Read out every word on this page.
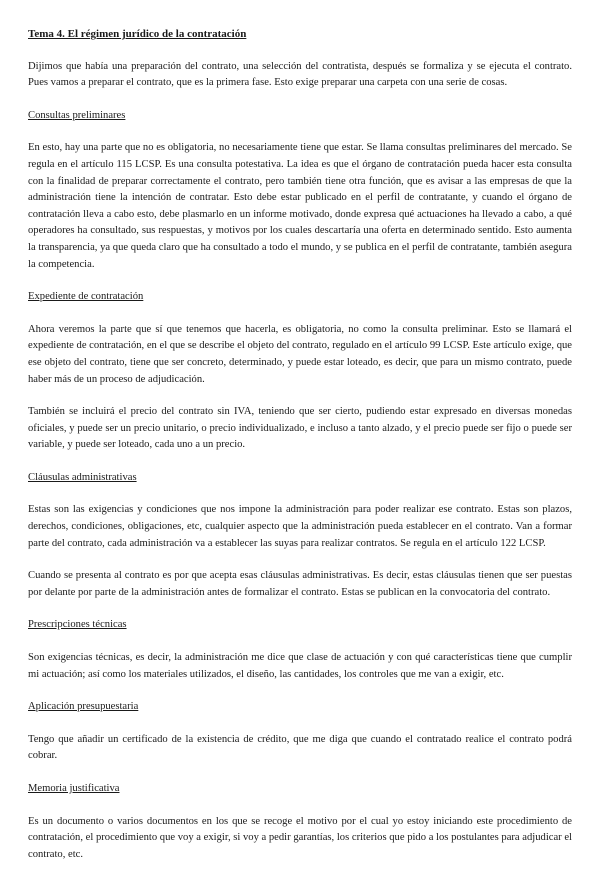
Tema 4. El régimen jurídico de la contratación

Dijimos que había una preparación del contrato, una selección del contratista, después se formaliza y se ejecuta el contrato. Pues vamos a preparar el contrato, que es la primera fase. Esto exige preparar una carpeta con una serie de cosas.

Consultas preliminares

En esto, hay una parte que no es obligatoria, no necesariamente tiene que estar. Se llama consultas preliminares del mercado. Se regula en el artículo 115 LCSP. Es una consulta potestativa. La idea es que el órgano de contratación pueda hacer esta consulta con la finalidad de preparar correctamente el contrato, pero también tiene otra función, que es avisar a las empresas de que la administración tiene la intención de contratar. Esto debe estar publicado en el perfil de contratante, y cuando el órgano de contratación lleva a cabo esto, debe plasmarlo en un informe motivado, donde expresa qué actuaciones ha llevado a cabo, a qué operadores ha consultado, sus respuestas, y motivos por los cuales descartaría una oferta en determinado sentido. Esto aumenta la transparencia, ya que queda claro que ha consultado a todo el mundo, y se publica en el perfil de contratante, también asegura la competencia.

Expediente de contratación

Ahora veremos la parte que sí que tenemos que hacerla, es obligatoria, no como la consulta preliminar. Esto se llamará el expediente de contratación, en el que se describe el objeto del contrato, regulado en el artículo 99 LCSP. Este artículo exige, que ese objeto del contrato, tiene que ser concreto, determinado, y puede estar loteado, es decir, que para un mismo contrato, puede haber más de un proceso de adjudicación.

También se incluirá el precio del contrato sin IVA, teniendo que ser cierto, pudiendo estar expresado en diversas monedas oficiales, y puede ser un precio unitario, o precio individualizado, e incluso a tanto alzado, y el precio puede ser fijo o puede ser variable, y puede ser loteado, cada uno a un precio.

Cláusulas administrativas

Estas son las exigencias y condiciones que nos impone la administración para poder realizar ese contrato. Estas son plazos, derechos, condiciones, obligaciones, etc, cualquier aspecto que la administración pueda establecer en el contrato. Van a formar parte del contrato, cada administración va a establecer las suyas para realizar contratos. Se regula en el artículo 122 LCSP.

Cuando se presenta al contrato es por que acepta esas cláusulas administrativas. Es decir, estas cláusulas tienen que ser puestas por delante por parte de la administración antes de formalizar el contrato. Estas se publican en la convocatoria del contrato.

Prescripciones técnicas

Son exigencias técnicas, es decir, la administración me dice que clase de actuación y con qué características tiene que cumplir mi actuación; así como los materiales utilizados, el diseño, las cantidades, los controles que me van a exigir, etc.

Aplicación presupuestaria

Tengo que añadir un certificado de la existencia de crédito, que me diga que cuando el contratado realice el contrato podrá cobrar.

Memoria justificativa

Es un documento o varios documentos en los que se recoge el motivo por el cual yo estoy iniciando este procedimiento de contratación, el procedimiento que voy a exigir, si voy a pedir garantías, los criterios que pido a los postulantes para adjudicar el contrato, etc.
